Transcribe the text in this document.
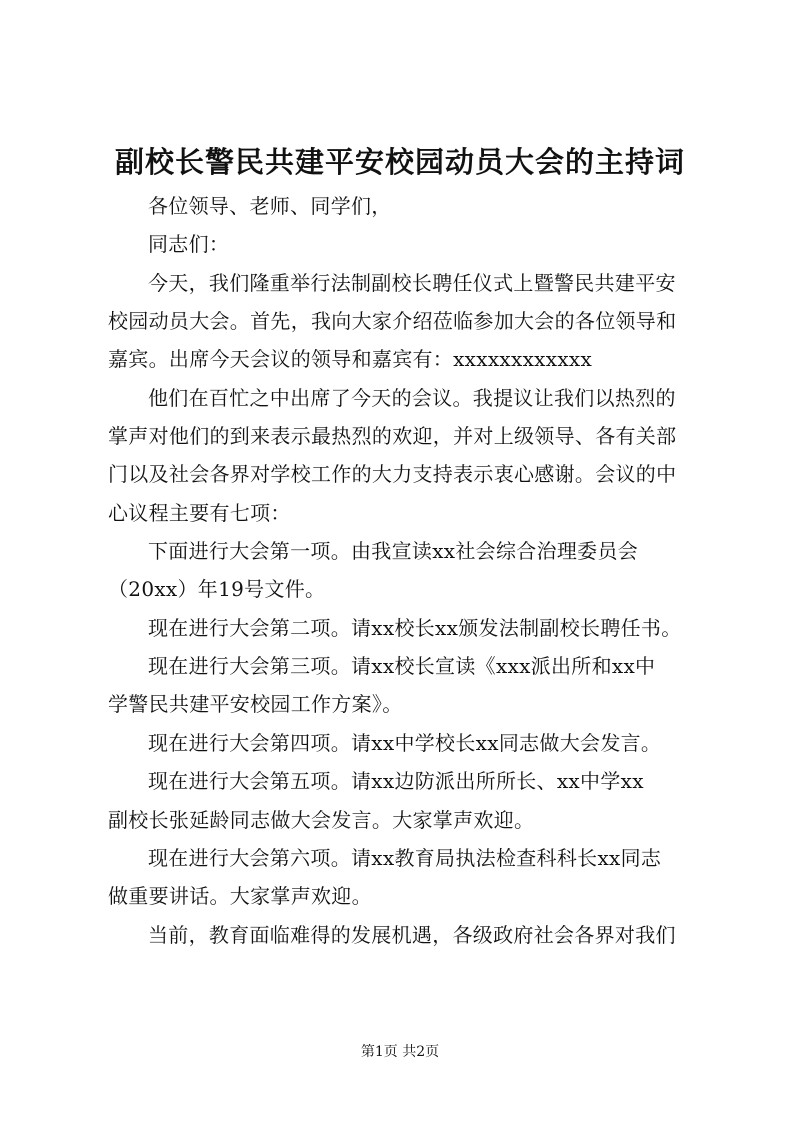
副校长警民共建平安校园动员大会的主持词
各位领导、老师、同学们，
同志们：
今天，我们隆重举行法制副校长聘任仪式上暨警民共建平安
校园动员大会。首先，我向大家介绍莅临参加大会的各位领导和
嘉宾。出席今天会议的领导和嘉宾有：xxxxxxxxxxxx
他们在百忙之中出席了今天的会议。我提议让我们以热烈的
掌声对他们的到来表示最热烈的欢迎，并对上级领导、各有关部
门以及社会各界对学校工作的大力支持表示衷心感谢。会议的中
心议程主要有七项：
下面进行大会第一项。由我宣读xx社会综合治理委员会
（20xx）年19号文件。
现在进行大会第二项。请xx校长xx颁发法制副校长聘任书。
现在进行大会第三项。请xx校长宣读《xxx派出所和xx中
学警民共建平安校园工作方案》。
现在进行大会第四项。请xx中学校长xx同志做大会发言。
现在进行大会第五项。请xx边防派出所所长、xx中学xx
副校长张延龄同志做大会发言。大家掌声欢迎。
现在进行大会第六项。请xx教育局执法检查科科长xx同志
做重要讲话。大家掌声欢迎。
当前，教育面临难得的发展机遇，各级政府社会各界对我们
第1页 共2页
